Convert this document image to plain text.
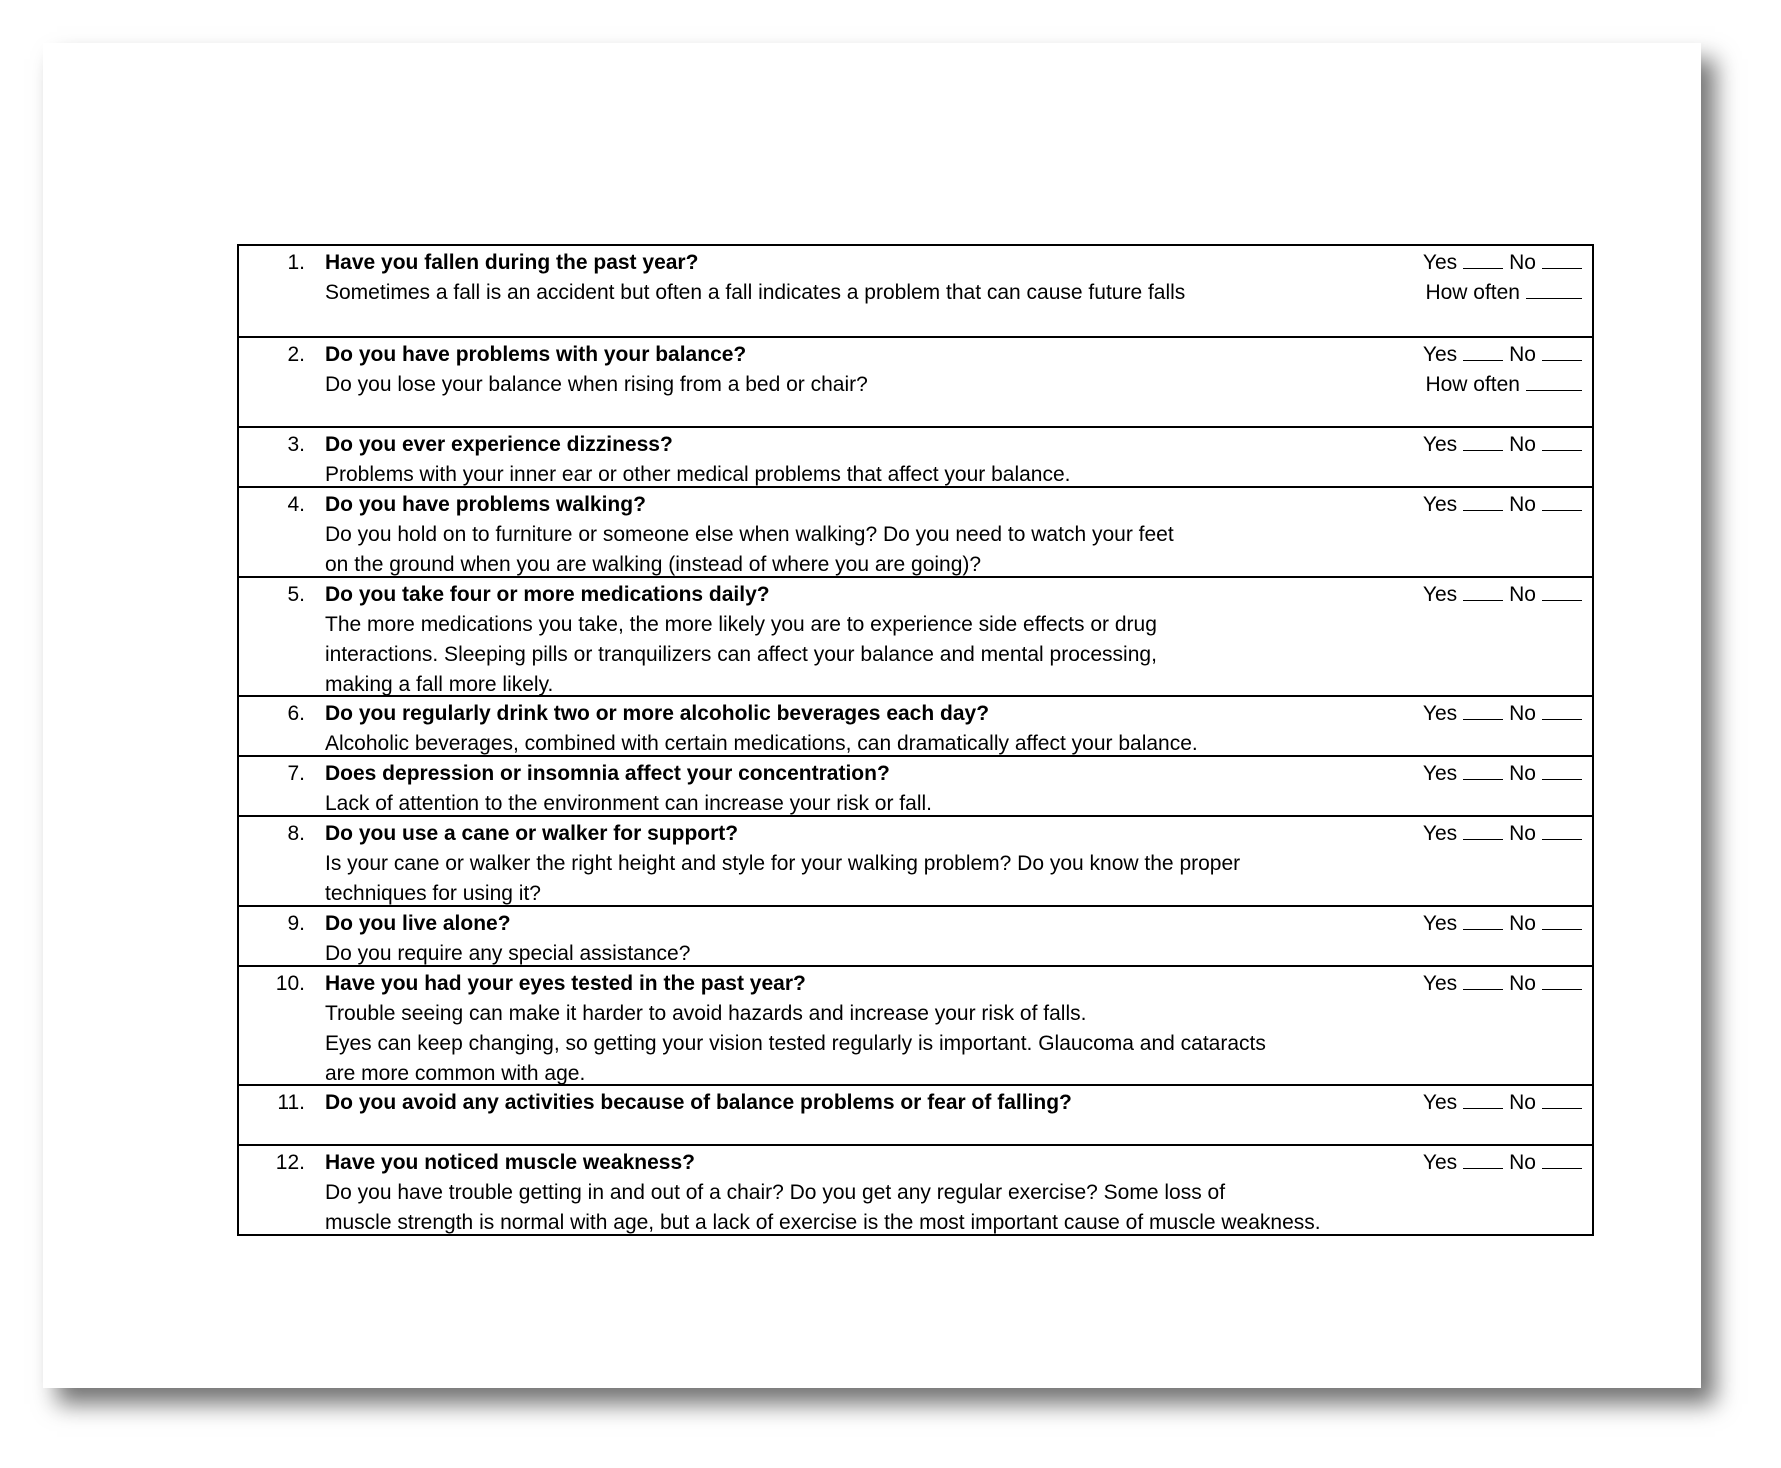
1. Have you fallen during the past year?
Sometimes a fall is an accident but often a fall indicates a problem that can cause future falls
Yes No
How often
2. Do you have problems with your balance?
Do you lose your balance when rising from a bed or chair?
Yes No
How often
3. Do you ever experience dizziness?
Problems with your inner ear or other medical problems that affect your balance.
Yes No
4. Do you have problems walking?
Do you hold on to furniture or someone else when walking? Do you need to watch your feet
on the ground when you are walking (instead of where you are going)?
Yes No
5. Do you take four or more medications daily?
The more medications you take, the more likely you are to experience side effects or drug
interactions. Sleeping pills or tranquilizers can affect your balance and mental processing,
making a fall more likely.
Yes No
6. Do you regularly drink two or more alcoholic beverages each day?
Alcoholic beverages, combined with certain medications, can dramatically affect your balance.
Yes No
7. Does depression or insomnia affect your concentration?
Lack of attention to the environment can increase your risk or fall.
Yes No
8. Do you use a cane or walker for support?
Is your cane or walker the right height and style for your walking problem? Do you know the proper
techniques for using it?
Yes No
9. Do you live alone?
Do you require any special assistance?
Yes No
10. Have you had your eyes tested in the past year?
Trouble seeing can make it harder to avoid hazards and increase your risk of falls.
Eyes can keep changing, so getting your vision tested regularly is important. Glaucoma and cataracts
are more common with age.
Yes No
11. Do you avoid any activities because of balance problems or fear of falling?	Yes No
12. Have you noticed muscle weakness?
Do you have trouble getting in and out of a chair? Do you get any regular exercise? Some loss of
muscle strength is normal with age, but a lack of exercise is the most important cause of muscle weakness.
Yes No
